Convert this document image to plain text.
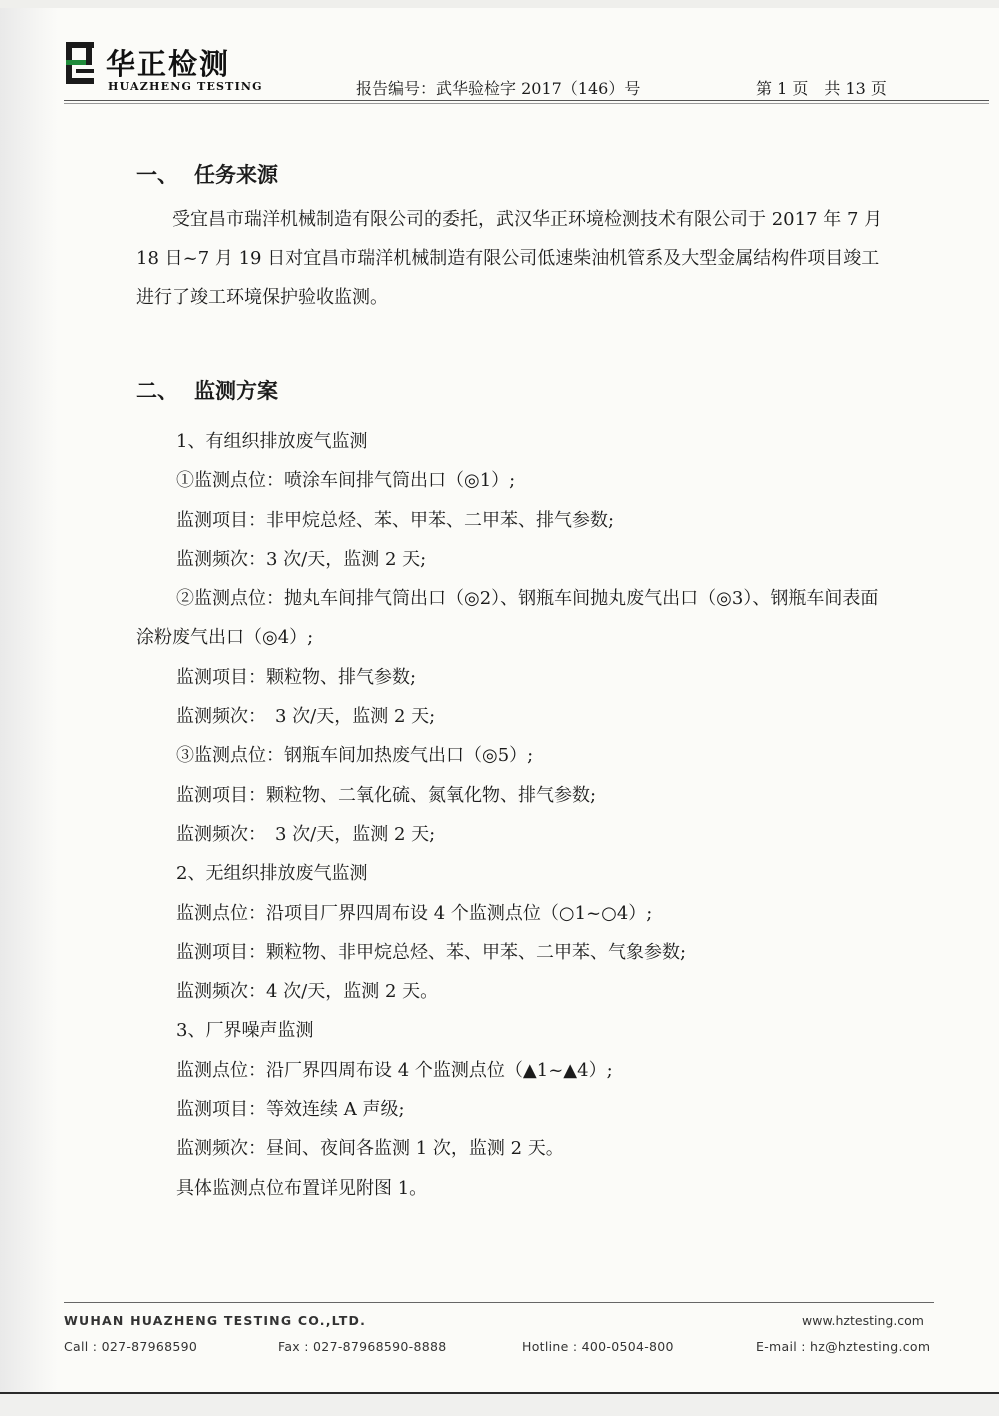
华正检测
HUAZHENG TESTING	报告编号：武华验检字 2017（146）号	第 1 页　共 13 页
一、 任务来源

受宜昌市瑞洋机械制造有限公司的委托，武汉华正环境检测技术有限公司于 2017 年 7 月 18 日~7 月 19 日对宜昌市瑞洋机械制造有限公司低速柴油机管系及大型金属结构件项目竣工进行了竣工环境保护验收监测。

二、 监测方案
1、有组织排放废气监测
①监测点位：喷涂车间排气筒出口（◎1）;
监测项目：非甲烷总烃、苯、甲苯、二甲苯、排气参数;
监测频次：3 次/天，监测 2 天;
②监测点位：抛丸车间排气筒出口（◎2）、钢瓶车间抛丸废气出口（◎3）、钢瓶车间表面涂粉废气出口（◎4）;
监测项目：颗粒物、排气参数;
监测频次：　3 次/天，监测 2 天;
③监测点位：钢瓶车间加热废气出口（◎5）;
监测项目：颗粒物、二氧化硫、氮氧化物、排气参数;
监测频次：　3 次/天，监测 2 天;
2、无组织排放废气监测
监测点位：沿项目厂界四周布设 4 个监测点位（○1~○4）;
监测项目：颗粒物、非甲烷总烃、苯、甲苯、二甲苯、气象参数;
监测频次：4 次/天，监测 2 天。
3、厂界噪声监测
监测点位：沿厂界四周布设 4 个监测点位（▲1~▲4）;
监测项目：等效连续 A 声级;
监测频次：昼间、夜间各监测 1 次，监测 2 天。
具体监测点位布置详见附图 1。
WUHAN HUAZHENG TESTING CO.,LTD.	www.hztesting.com
Call : 027-87968590	Fax : 027-87968590-8888	Hotline : 400-0504-800	E-mail : hz@hztesting.com
